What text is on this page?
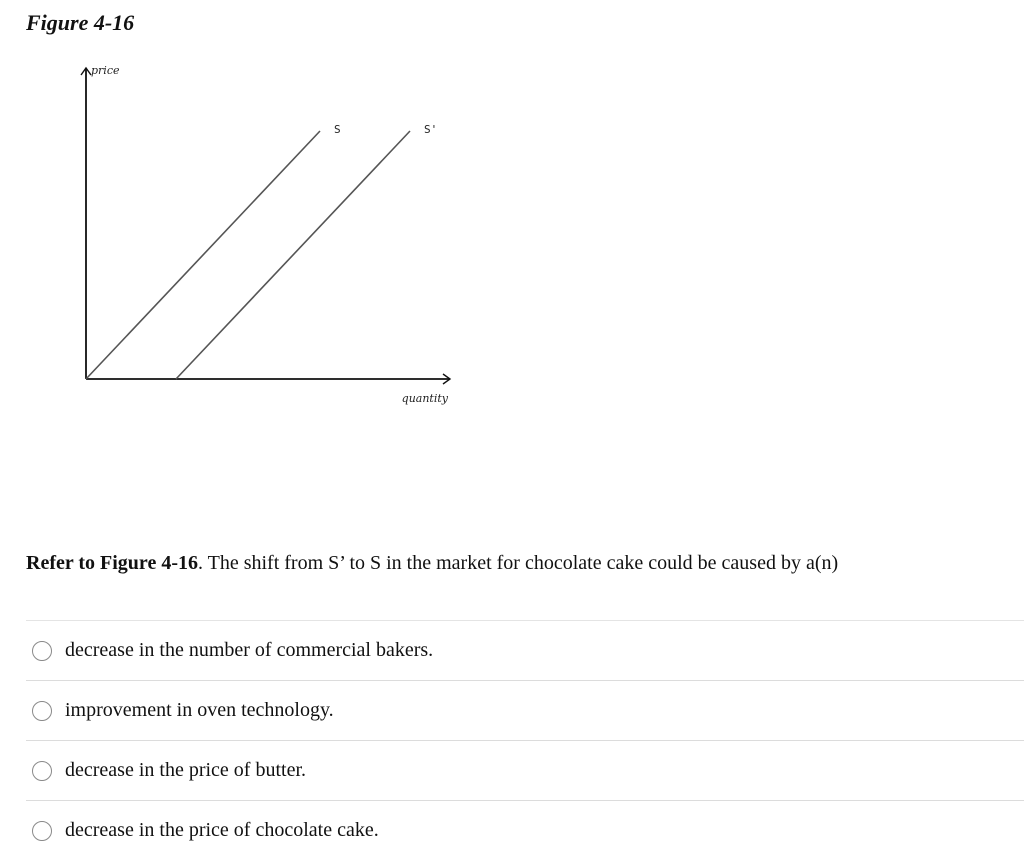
Figure 4-16
price
quantity
S	S'
Refer to Figure 4-16. The shift from S’ to S in the market for chocolate cake could be caused by a(n)
decrease in the number of commercial bakers.
improvement in oven technology.
decrease in the price of butter.
decrease in the price of chocolate cake.
